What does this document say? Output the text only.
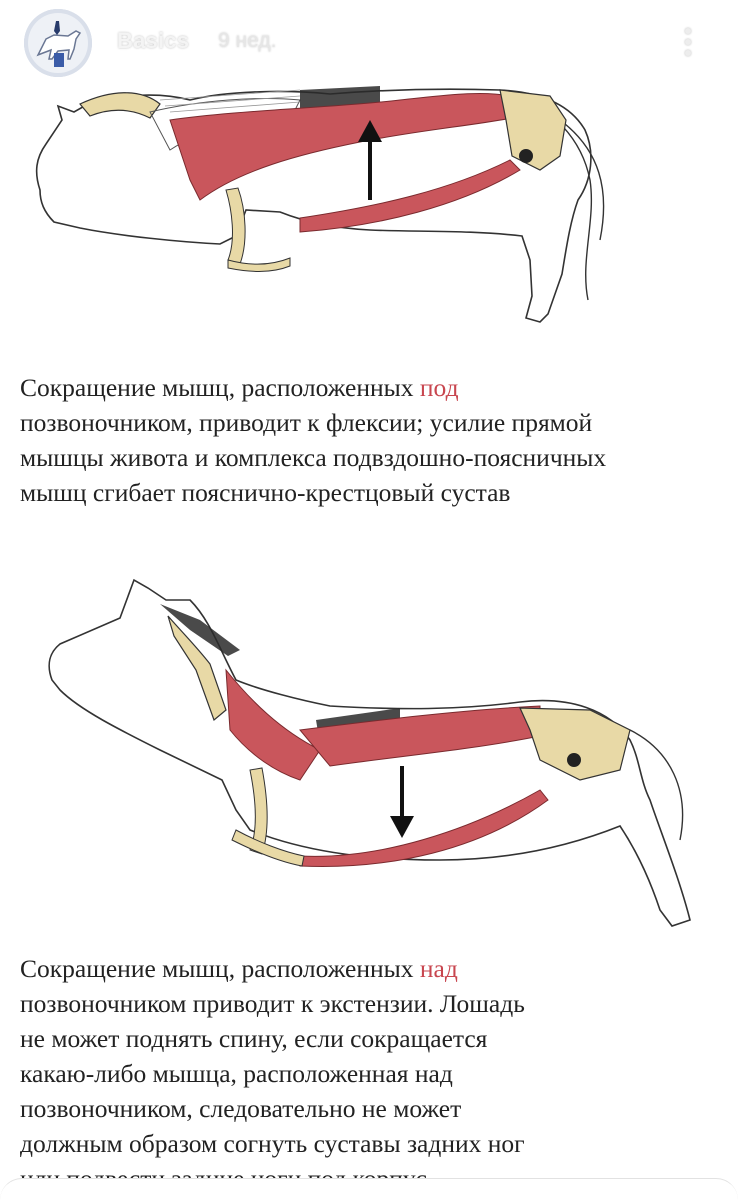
Basics 9 нед.
Сокращение мышц, расположенных под
позвоночником, приводит к флексии; усилие прямой
мышцы живота и комплекса подвздошно-поясничных
мышц сгибает пояснично-крестцовый сустав
Сокращение мышц, расположенных над
позвоночником приводит к экстензии. Лошадь
не может поднять спину, если сокращается
какаю-либо мышца, расположенная над
позвоночником, следовательно не может
должным образом согнуть суставы задних ног
